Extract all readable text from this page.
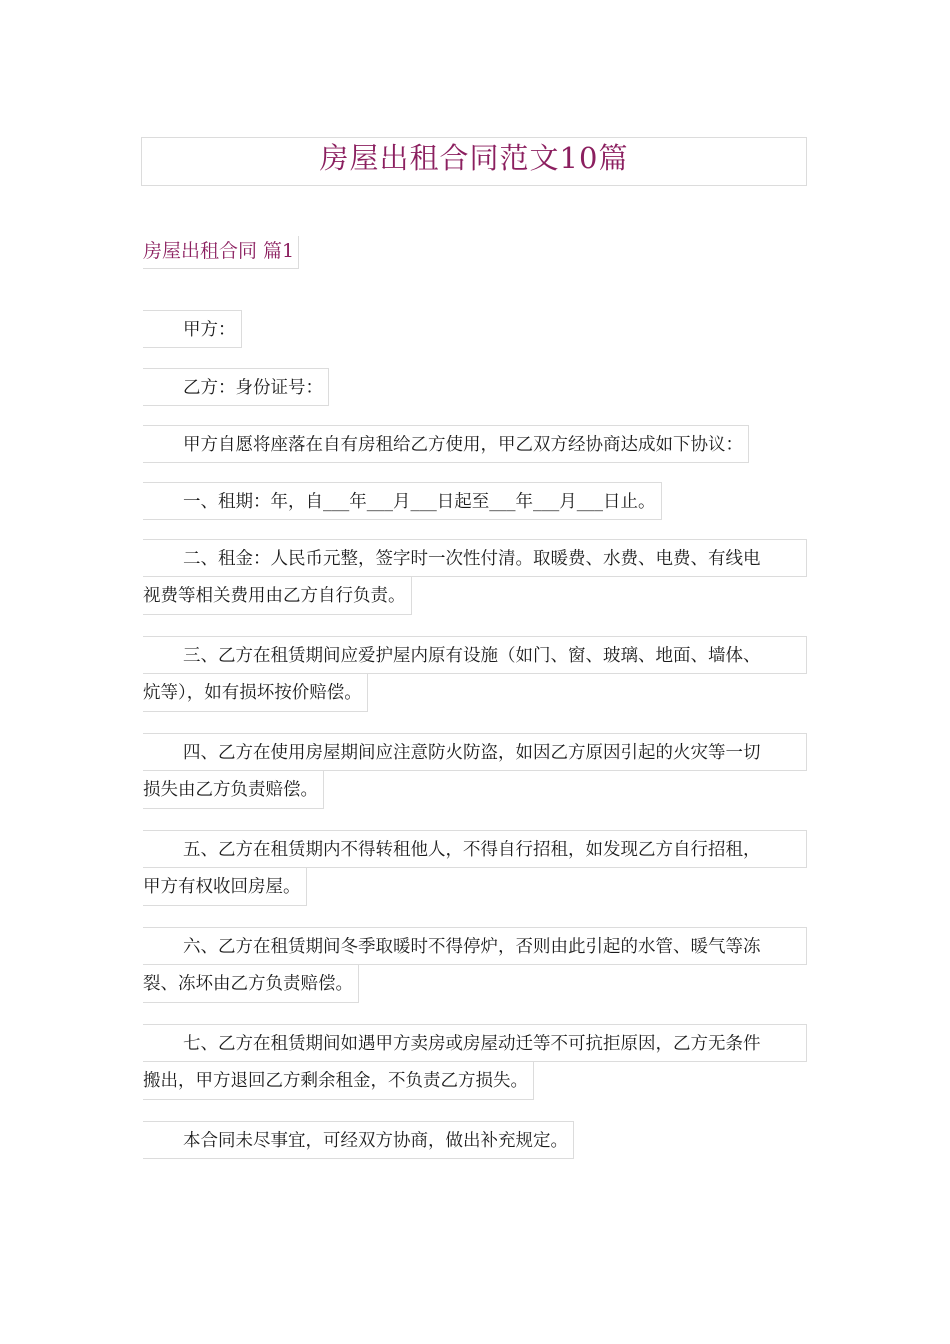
房屋出租合同范文10篇
房屋出租合同 篇1
甲方：
乙方：身份证号：
甲方自愿将座落在自有房租给乙方使用，甲乙双方经协商达成如下协议：
一、租期：年，自___年___月___日起至___年___月___日止。
二、租金：人民币元整，签字时一次性付清。取暖费、水费、电费、有线电
视费等相关费用由乙方自行负责。
三、乙方在租赁期间应爱护屋内原有设施（如门、窗、玻璃、地面、墙体、
炕等），如有损坏按价赔偿。
四、乙方在使用房屋期间应注意防火防盗，如因乙方原因引起的火灾等一切
损失由乙方负责赔偿。
五、乙方在租赁期内不得转租他人，不得自行招租，如发现乙方自行招租，
甲方有权收回房屋。
六、乙方在租赁期间冬季取暖时不得停炉，否则由此引起的水管、暖气等冻
裂、冻坏由乙方负责赔偿。
七、乙方在租赁期间如遇甲方卖房或房屋动迁等不可抗拒原因，乙方无条件
搬出，甲方退回乙方剩余租金，不负责乙方损失。
本合同未尽事宜，可经双方协商，做出补充规定。
